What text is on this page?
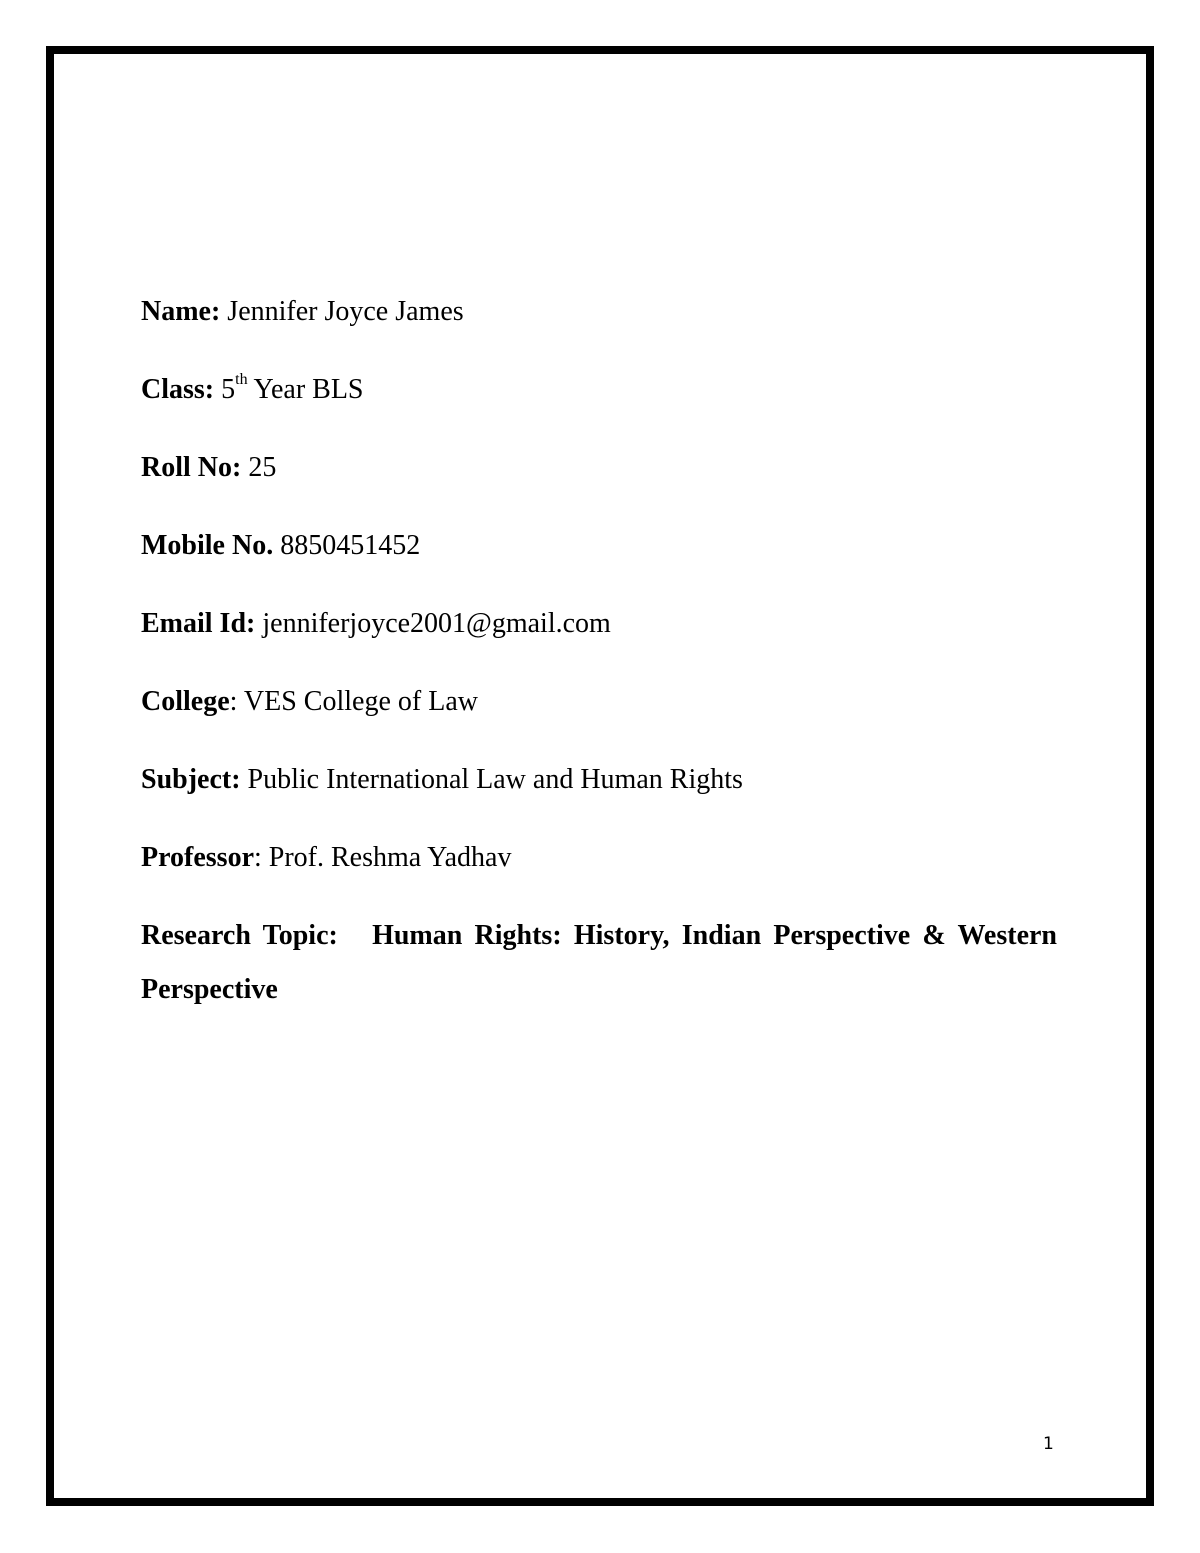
Name: Jennifer Joyce James
Class: 5th Year BLS
Roll No: 25
Mobile No. 8850451452
Email Id: jenniferjoyce2001@gmail.com
College: VES College of Law
Subject: Public International Law and Human Rights
Professor: Prof. Reshma Yadhav
Research Topic: Human Rights: History, Indian Perspective & Western Perspective
1
